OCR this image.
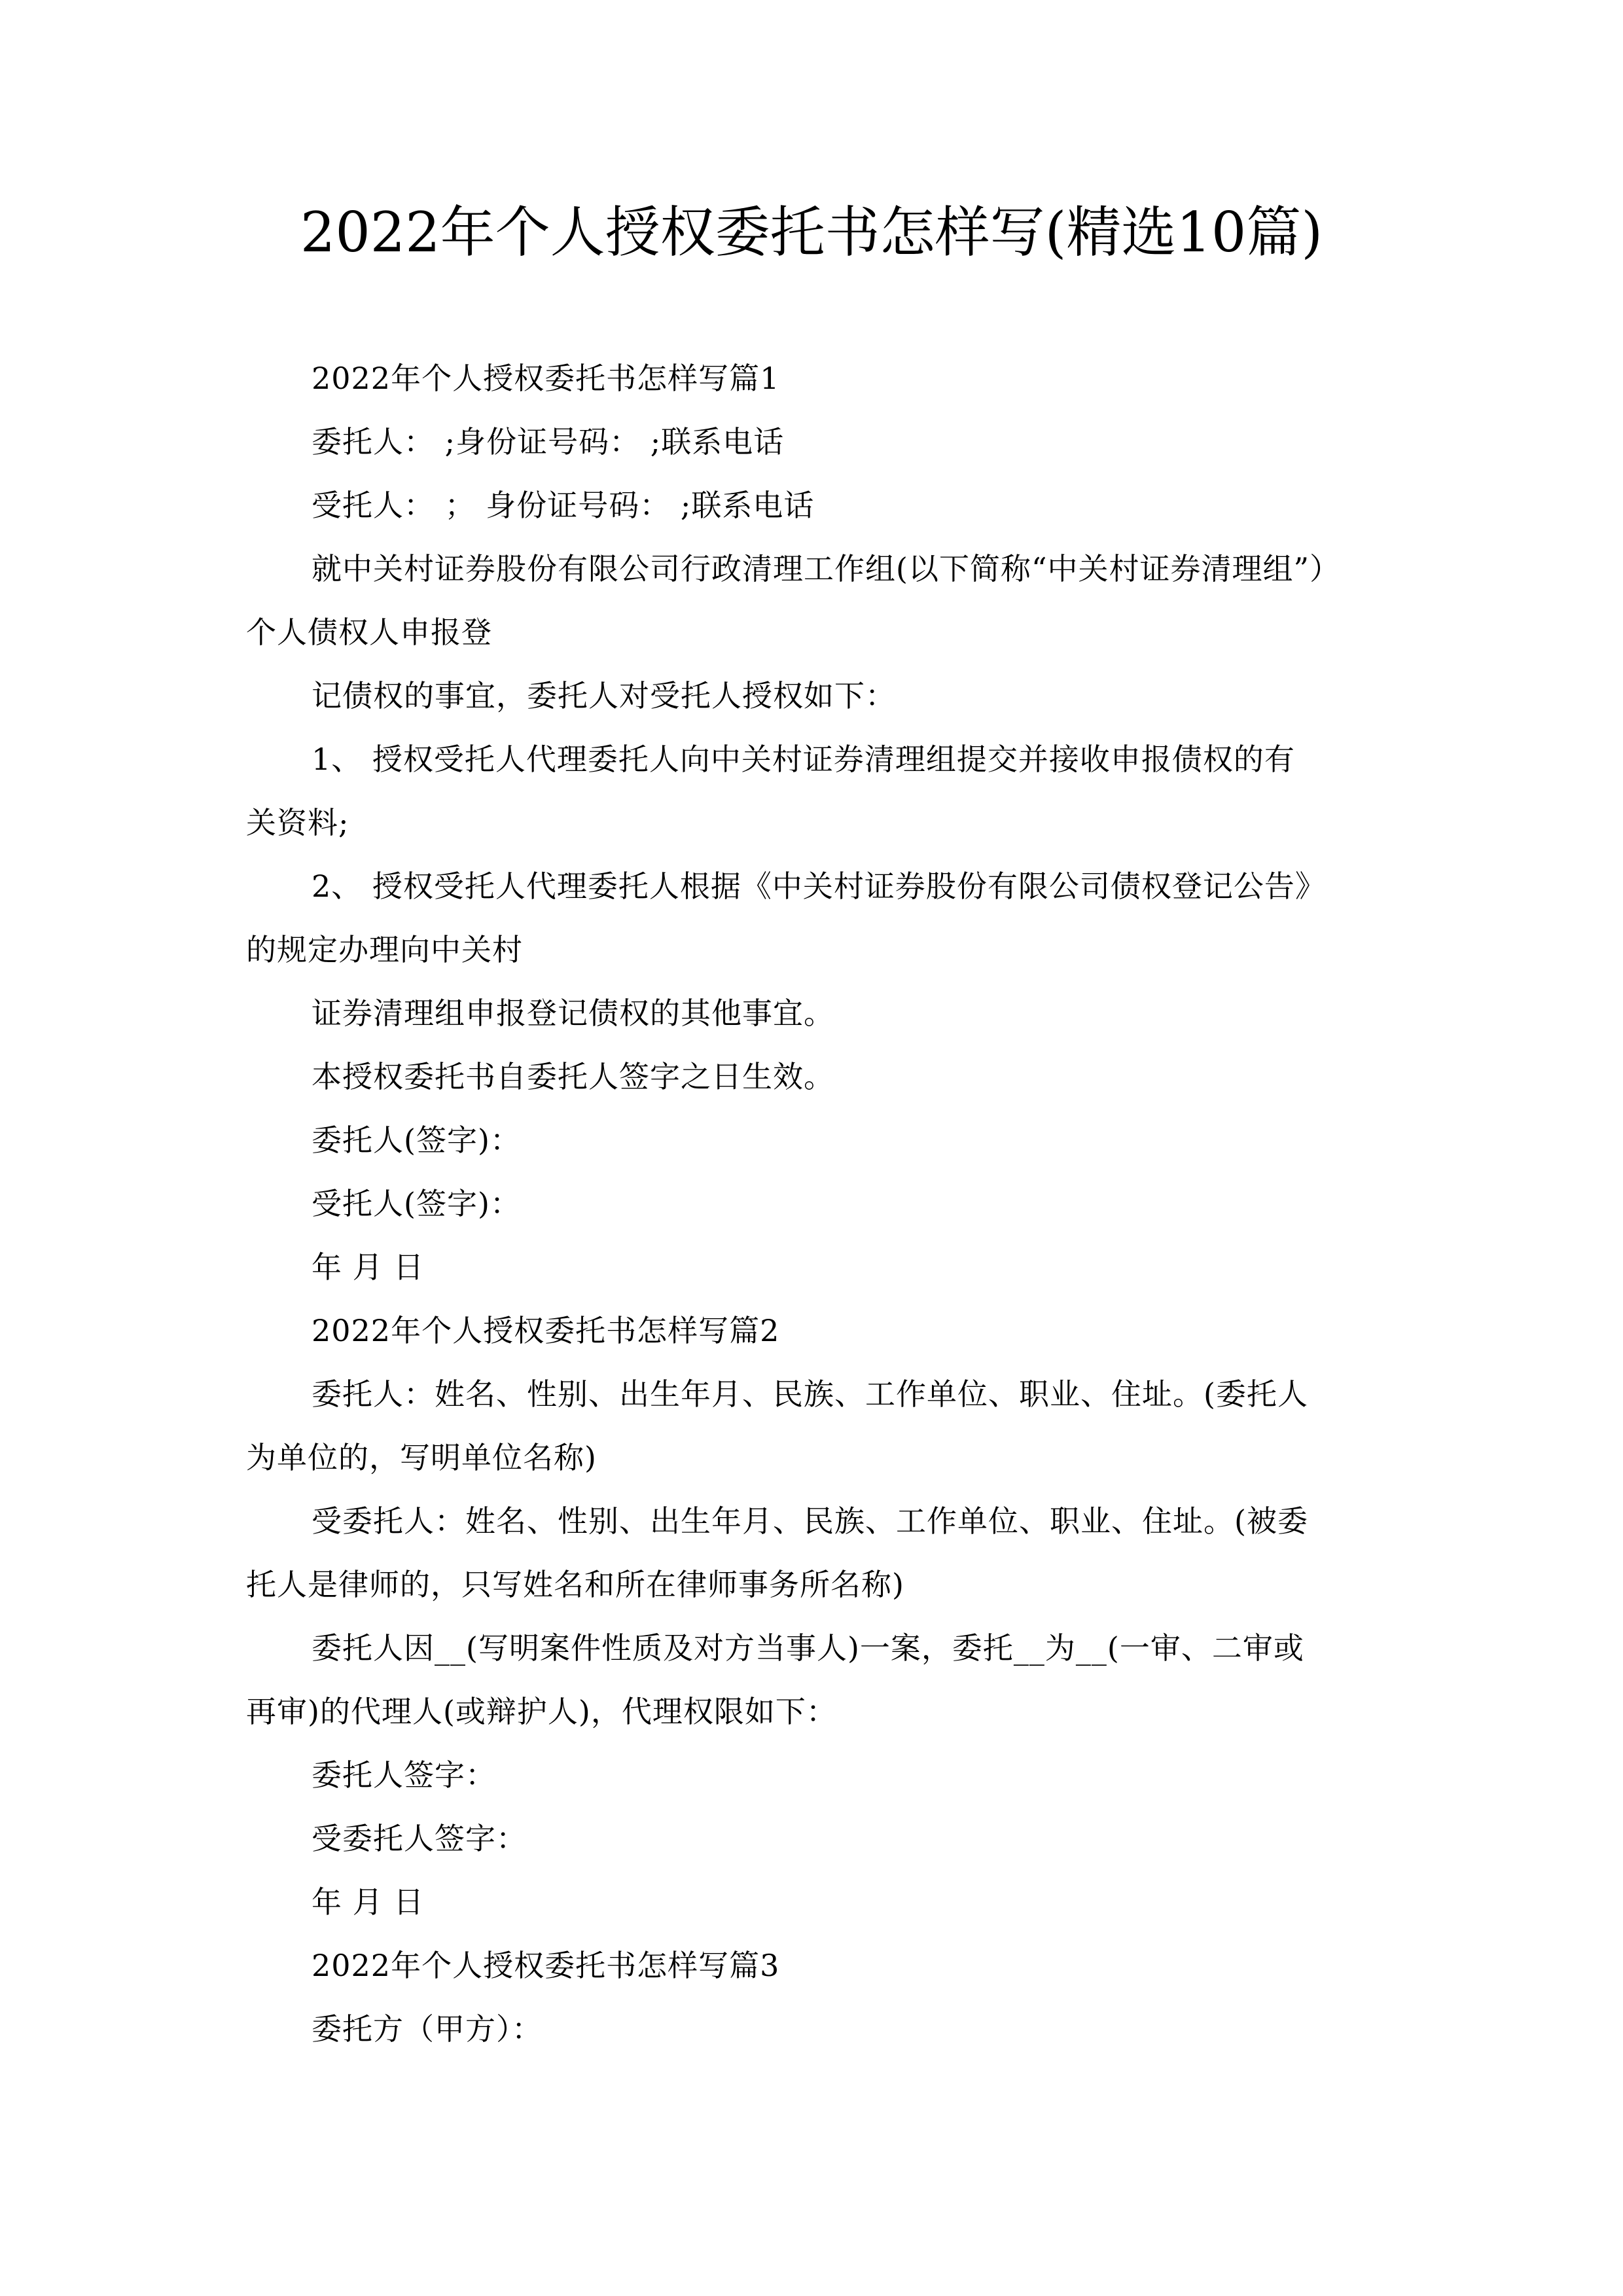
2022年个人授权委托书怎样写(精选10篇)
2022年个人授权委托书怎样写篇1
委托人： ;身份证号码： ;联系电话
受托人： ； 身份证号码： ;联系电话
就中关村证券股份有限公司行政清理工作组(以下简称“中关村证券清理组”）
个人债权人申报登
记债权的事宜，委托人对受托人授权如下：
1、 授权受托人代理委托人向中关村证券清理组提交并接收申报债权的有
关资料;
2、 授权受托人代理委托人根据《中关村证券股份有限公司债权登记公告》
的规定办理向中关村
证券清理组申报登记债权的其他事宜。
本授权委托书自委托人签字之日生效。
委托人(签字)：
受托人(签字)：
年 月 日
2022年个人授权委托书怎样写篇2
委托人：姓名、性别、出生年月、民族、工作单位、职业、住址。(委托人
为单位的，写明单位名称)
受委托人：姓名、性别、出生年月、民族、工作单位、职业、住址。(被委
托人是律师的，只写姓名和所在律师事务所名称)
委托人因__(写明案件性质及对方当事人)一案，委托__为__(一审、二审或
再审)的代理人(或辩护人)，代理权限如下：
委托人签字：
受委托人签字：
年 月 日
2022年个人授权委托书怎样写篇3
委托方（甲方）：
